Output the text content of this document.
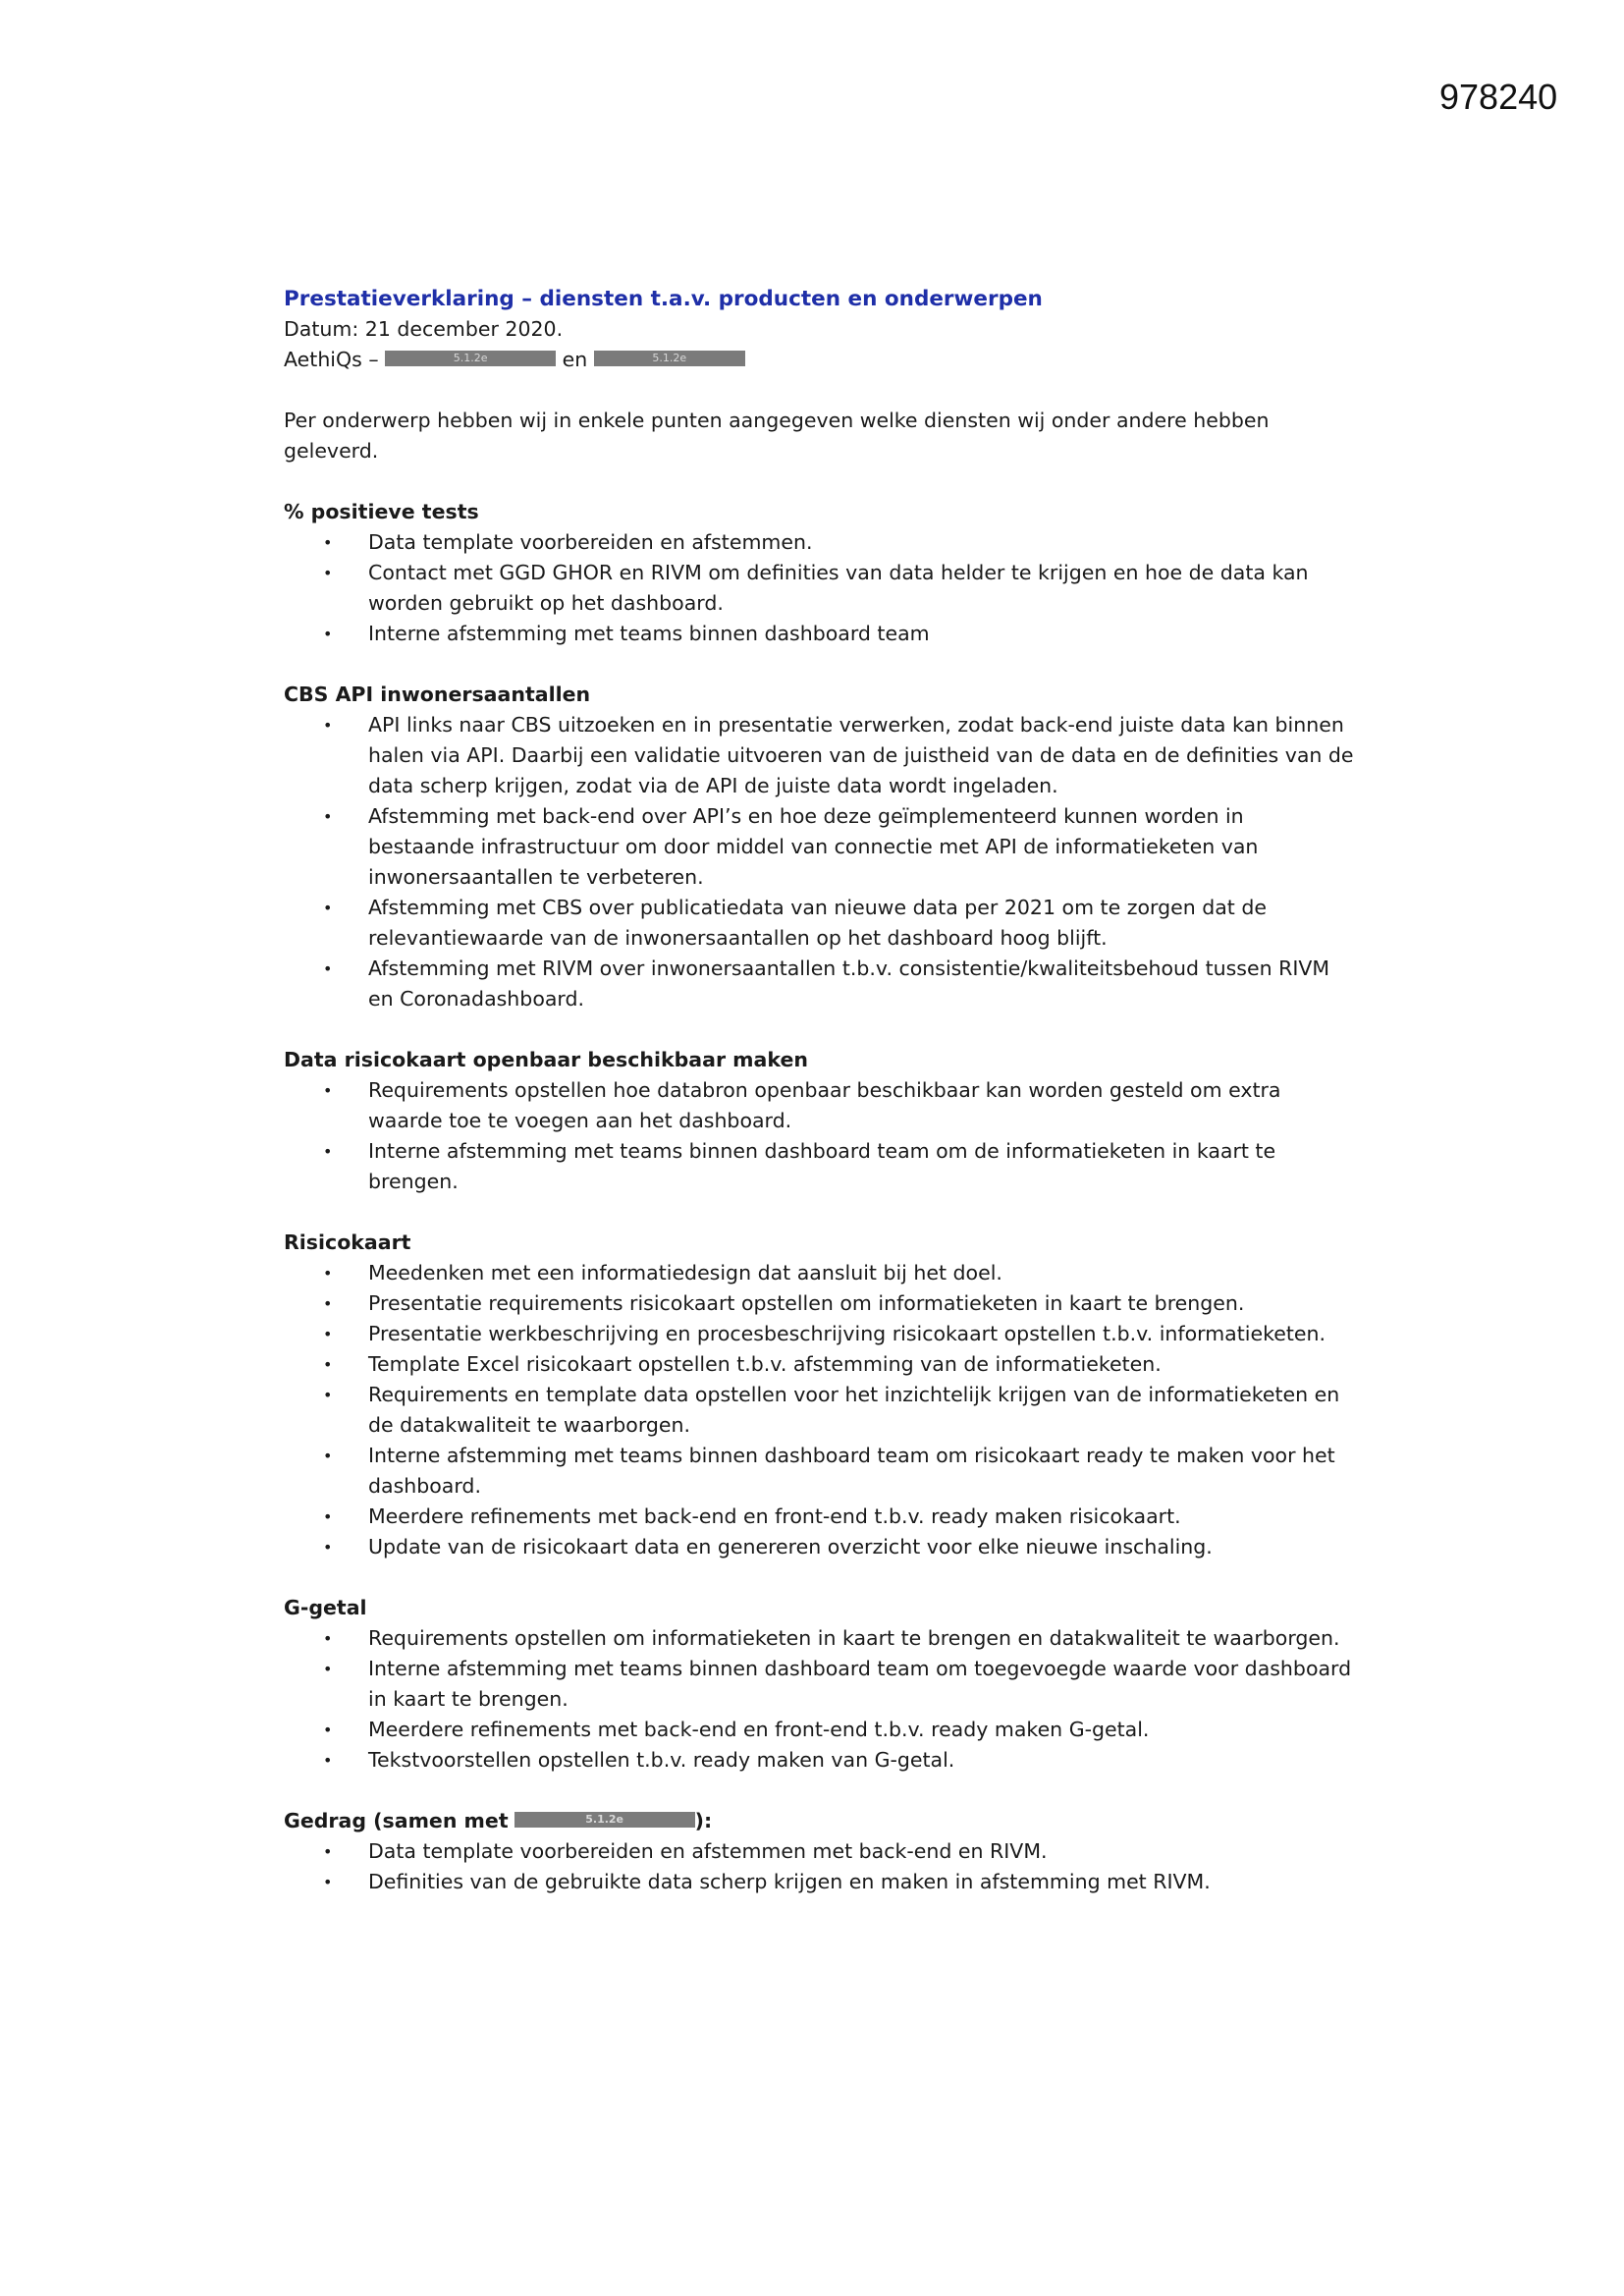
978240
Prestatieverklaring – diensten t.a.v. producten en onderwerpen
Datum: 21 december 2020.
AethiQs –	5.1.2e	en	5.1.2e
Per onderwerp hebben wij in enkele punten aangegeven welke diensten wij onder andere hebben geleverd.
% positieve tests
• Data template voorbereiden en afstemmen.
• Contact met GGD GHOR en RIVM om definities van data helder te krijgen en hoe de data kan worden gebruikt op het dashboard.
• Interne afstemming met teams binnen dashboard team
CBS API inwonersaantallen
• API links naar CBS uitzoeken en in presentatie verwerken, zodat back-end juiste data kan binnen halen via API. Daarbij een validatie uitvoeren van de juistheid van de data en de definities van de data scherp krijgen, zodat via de API de juiste data wordt ingeladen.
• Afstemming met back-end over API’s en hoe deze geïmplementeerd kunnen worden in bestaande infrastructuur om door middel van connectie met API de informatieketen van inwonersaantallen te verbeteren.
• Afstemming met CBS over publicatiedata van nieuwe data per 2021 om te zorgen dat de relevantiewaarde van de inwonersaantallen op het dashboard hoog blijft.
• Afstemming met RIVM over inwonersaantallen t.b.v. consistentie/kwaliteitsbehoud tussen RIVM en Coronadashboard.
Data risicokaart openbaar beschikbaar maken
• Requirements opstellen hoe databron openbaar beschikbaar kan worden gesteld om extra waarde toe te voegen aan het dashboard.
• Interne afstemming met teams binnen dashboard team om de informatieketen in kaart te brengen.
Risicokaart
• Meedenken met een informatiedesign dat aansluit bij het doel.
• Presentatie requirements risicokaart opstellen om informatieketen in kaart te brengen.
• Presentatie werkbeschrijving en procesbeschrijving risicokaart opstellen t.b.v. informatieketen.
• Template Excel risicokaart opstellen t.b.v. afstemming van de informatieketen.
• Requirements en template data opstellen voor het inzichtelijk krijgen van de informatieketen en de datakwaliteit te waarborgen.
• Interne afstemming met teams binnen dashboard team om risicokaart ready te maken voor het dashboard.
• Meerdere refinements met back-end en front-end t.b.v. ready maken risicokaart.
• Update van de risicokaart data en genereren overzicht voor elke nieuwe inschaling.
G-getal
• Requirements opstellen om informatieketen in kaart te brengen en datakwaliteit te waarborgen.
• Interne afstemming met teams binnen dashboard team om toegevoegde waarde voor dashboard in kaart te brengen.
• Meerdere refinements met back-end en front-end t.b.v. ready maken G-getal.
• Tekstvoorstellen opstellen t.b.v. ready maken van G-getal.
Gedrag (samen met	5.1.2e	):
• Data template voorbereiden en afstemmen met back-end en RIVM.
• Definities van de gebruikte data scherp krijgen en maken in afstemming met RIVM.
